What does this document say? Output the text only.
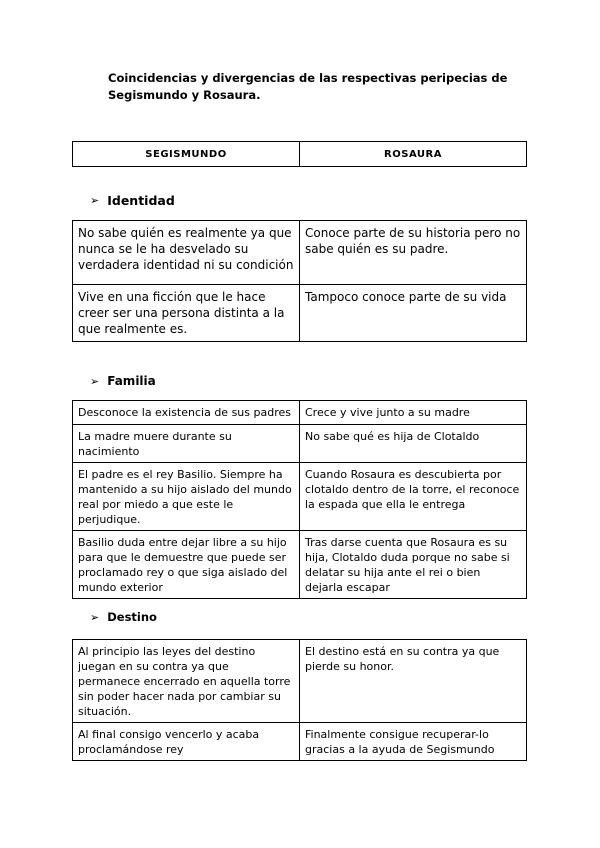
Coincidencias y divergencias de las respectivas peripecias de Segismundo y Rosaura.
SEGISMUNDO	ROSAURA
➢ Identidad
No sabe quién es realmente ya que nunca se le ha desvelado su verdadera identidad ni su condición	Conoce parte de su historia pero no sabe quién es su padre.
Vive en una ficción que le hace creer ser una persona distinta a la que realmente es.	Tampoco conoce parte de su vida
➢ Familia
Desconoce la existencia de sus padres	Crece y vive junto a su madre
La madre muere durante su nacimiento	No sabe qué es hija de Clotaldo
El padre es el rey Basilio. Siempre ha mantenido a su hijo aislado del mundo real por miedo a que este le perjudique.	Cuando Rosaura es descubierta por clotaldo dentro de la torre, el reconoce la espada que ella le entrega
Basilio duda entre dejar libre a su hijo para que le demuestre que puede ser proclamado rey o que siga aislado del mundo exterior	Tras darse cuenta que Rosaura es su hija, Clotaldo duda porque no sabe si delatar su hija ante el rei o bien dejarla escapar
➢ Destino
Al principio las leyes del destino juegan en su contra ya que permanece encerrado en aquella torre sin poder hacer nada por cambiar su situación.	El destino está en su contra ya que pierde su honor.
Al final consigo vencerlo y acaba proclamándose rey	Finalmente consigue recuperar-lo gracias a la ayuda de Segismundo
